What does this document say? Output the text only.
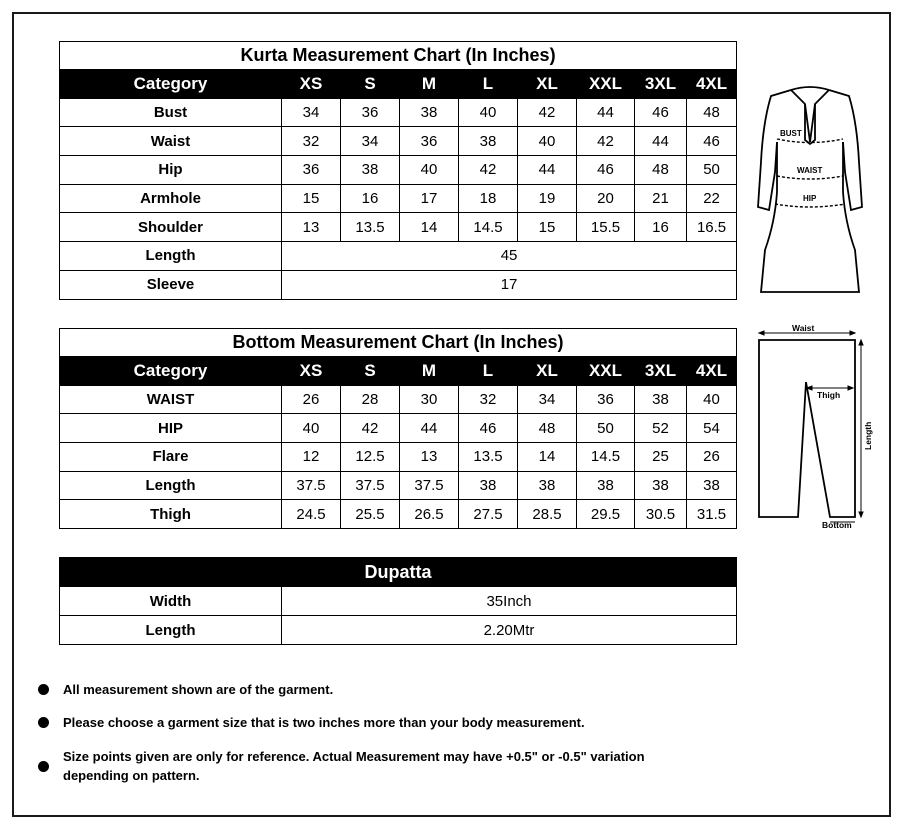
Kurta Measurement Chart (In Inches)								
Category	XS	S	M	L	XL	XXL	3XL	4XL
Bust	34	36	38	40	42	44	46	48
Waist	32	34	36	38	40	42	44	46
Hip	36	38	40	42	44	46	48	50
Armhole	15	16	17	18	19	20	21	22
Shoulder	13	13.5	14	14.5	15	15.5	16	16.5
Length	45							
Sleeve	17							
Bottom Measurement Chart (In Inches)								
Category	XS	S	M	L	XL	XXL	3XL	4XL
WAIST	26	28	30	32	34	36	38	40
HIP	40	42	44	46	48	50	52	54
Flare	12	12.5	13	13.5	14	14.5	25	26
Length	37.5	37.5	37.5	38	38	38	38	38
Thigh	24.5	25.5	26.5	27.5	28.5	29.5	30.5	31.5
Dupatta	
Width	35Inch
Length	2.20Mtr
BUST
WAIST
HIP
Waist
Thigh
Length
Bottom
All measurement shown are of the garment.
Please choose a garment size that is two inches more than your body measurement.
Size points given are only for reference. Actual Measurement may have +0.5" or -0.5" variation depending on pattern.
